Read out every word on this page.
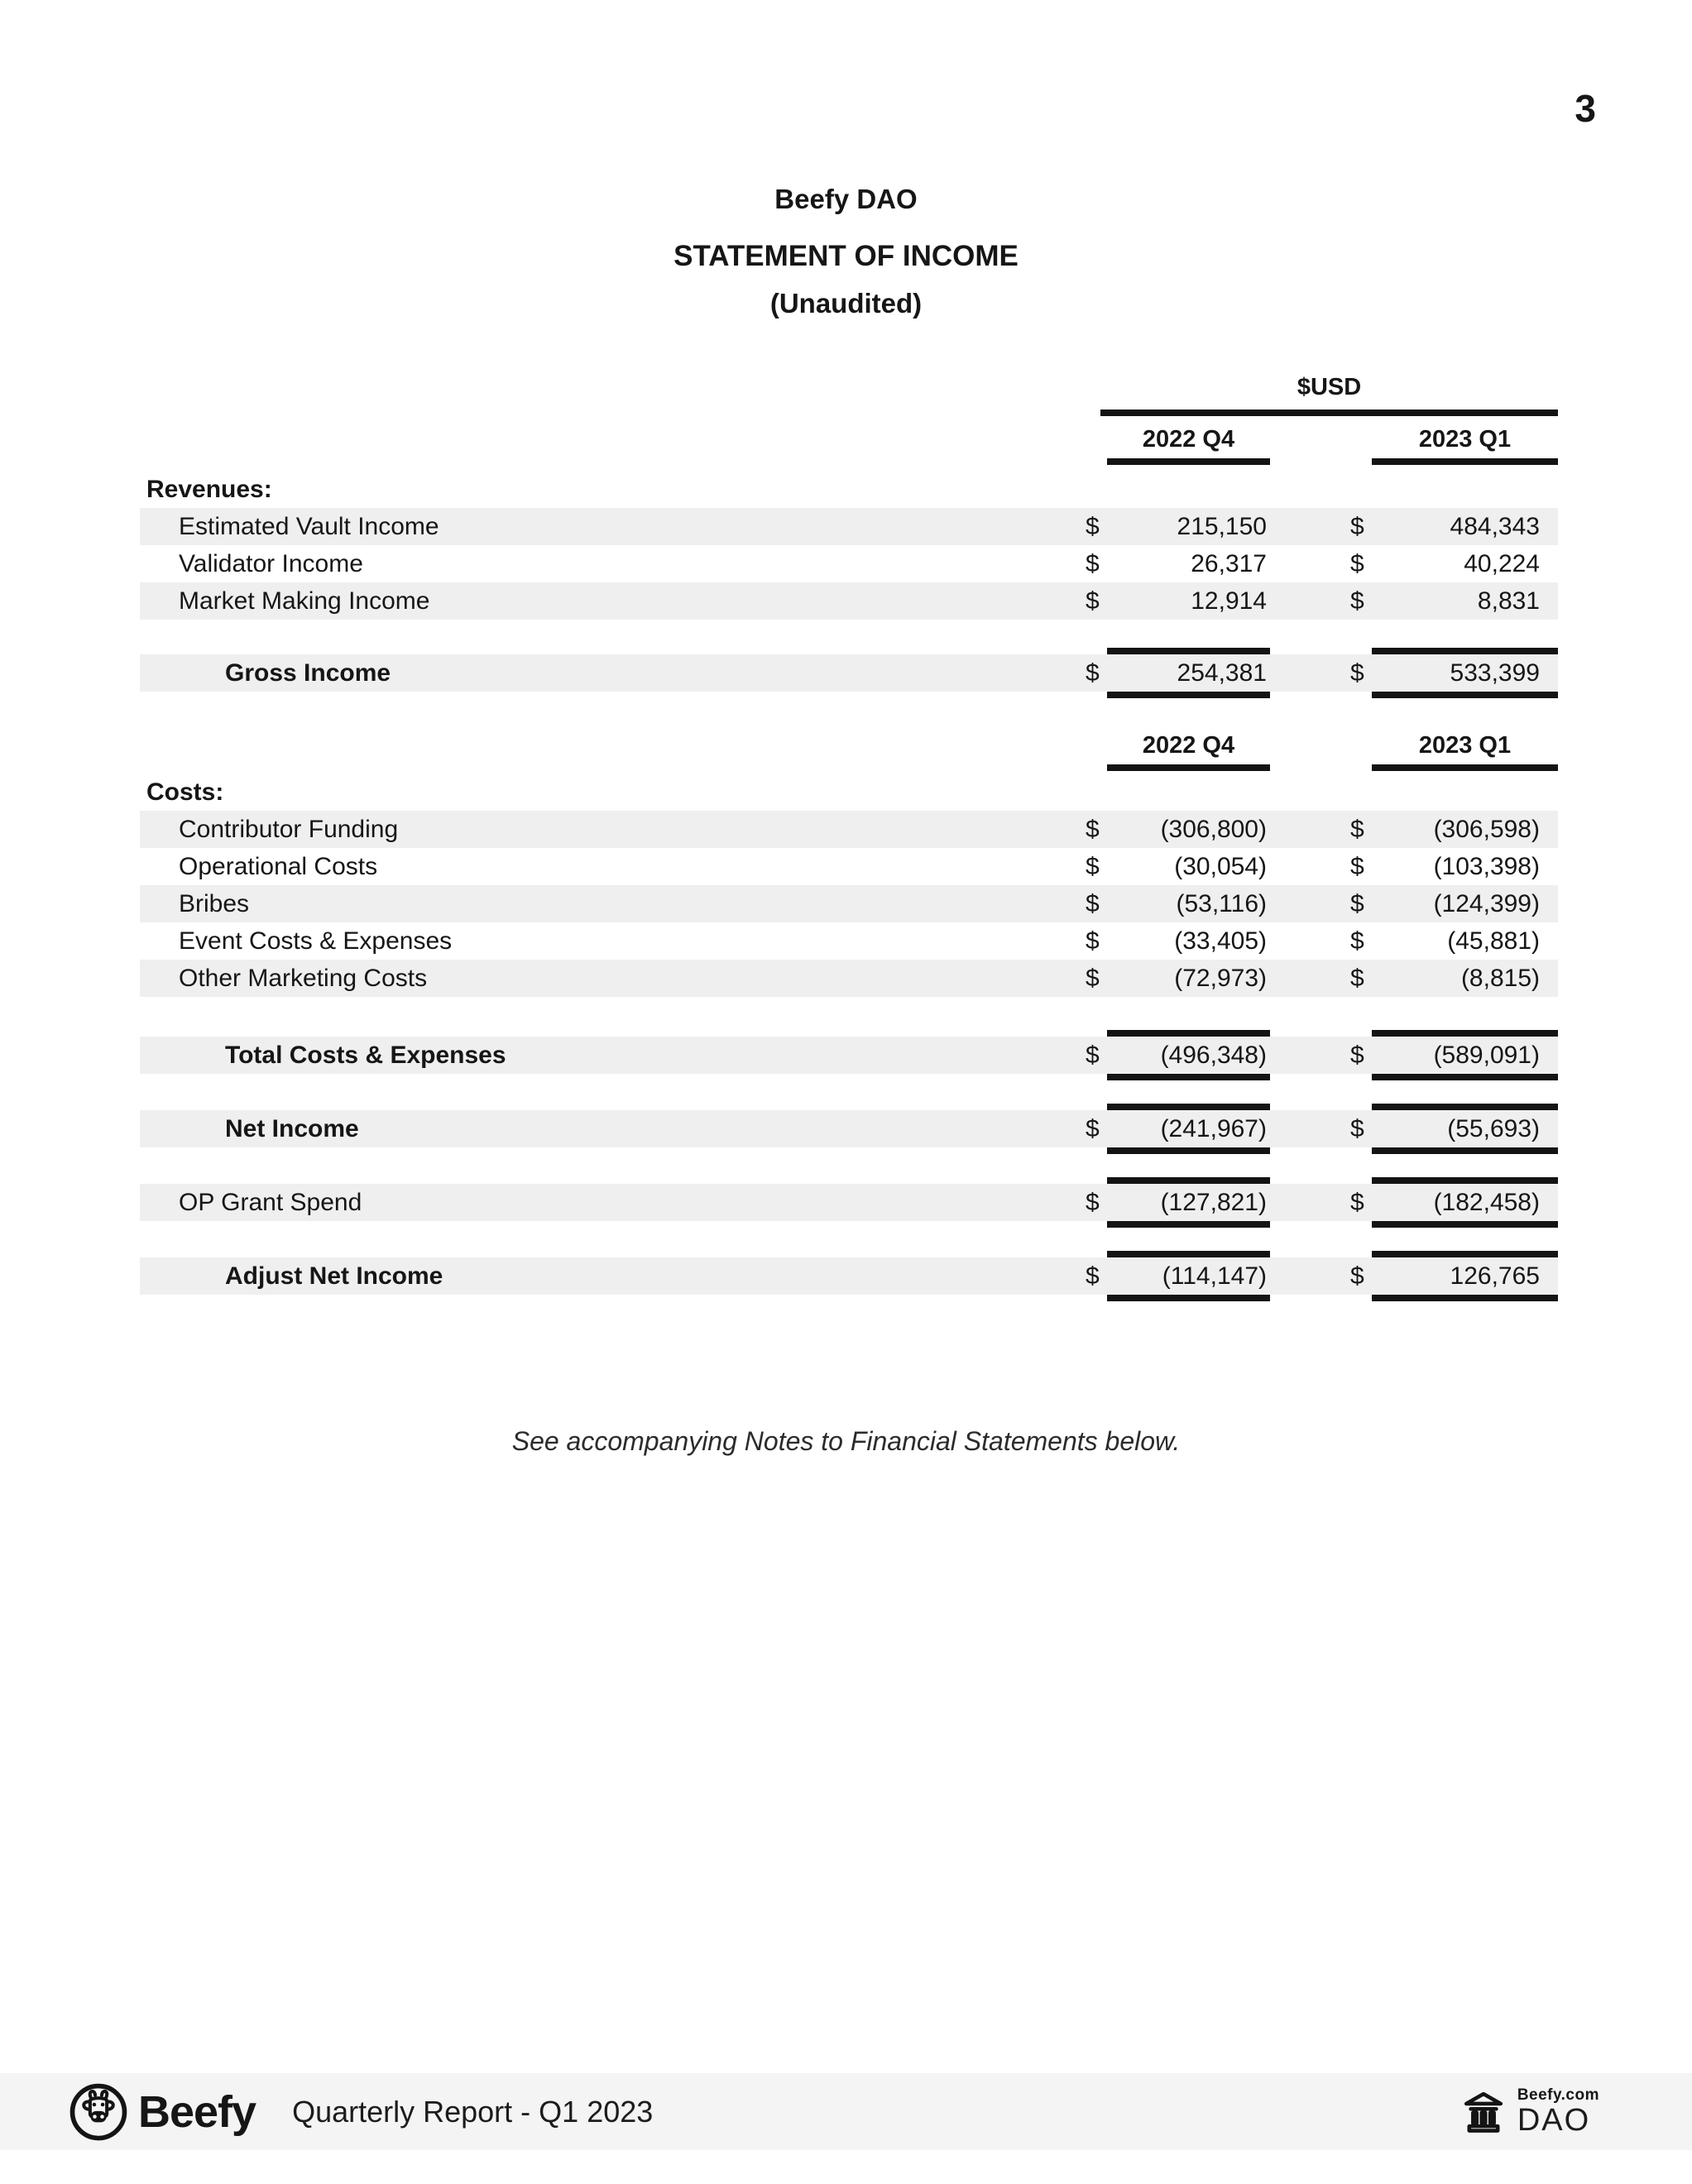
3
Beefy DAO
STATEMENT OF INCOME
(Unaudited)
$USD
2022 Q4	2023 Q1
Revenues:
Estimated Vault Income	$	215,150	$	484,343
Validator Income	$	26,317	$	40,224
Market Making Income	$	12,914	$	8,831
Gross Income	$	254,381	$	533,399
2022 Q4	2023 Q1
Costs:
Contributor Funding	$	(306,800)	$	(306,598)
Operational Costs	$	(30,054)	$	(103,398)
Bribes	$	(53,116)	$	(124,399)
Event Costs & Expenses	$	(33,405)	$	(45,881)
Other Marketing Costs	$	(72,973)	$	(8,815)
Total Costs & Expenses	$	(496,348)	$	(589,091)
Net Income	$	(241,967)	$	(55,693)
OP Grant Spend	$	(127,821)	$	(182,458)
Adjust Net Income	$	(114,147)	$	126,765
See accompanying Notes to Financial Statements below.
Beefy Quarterly Report - Q1 2023	Beefy.com
DAO
